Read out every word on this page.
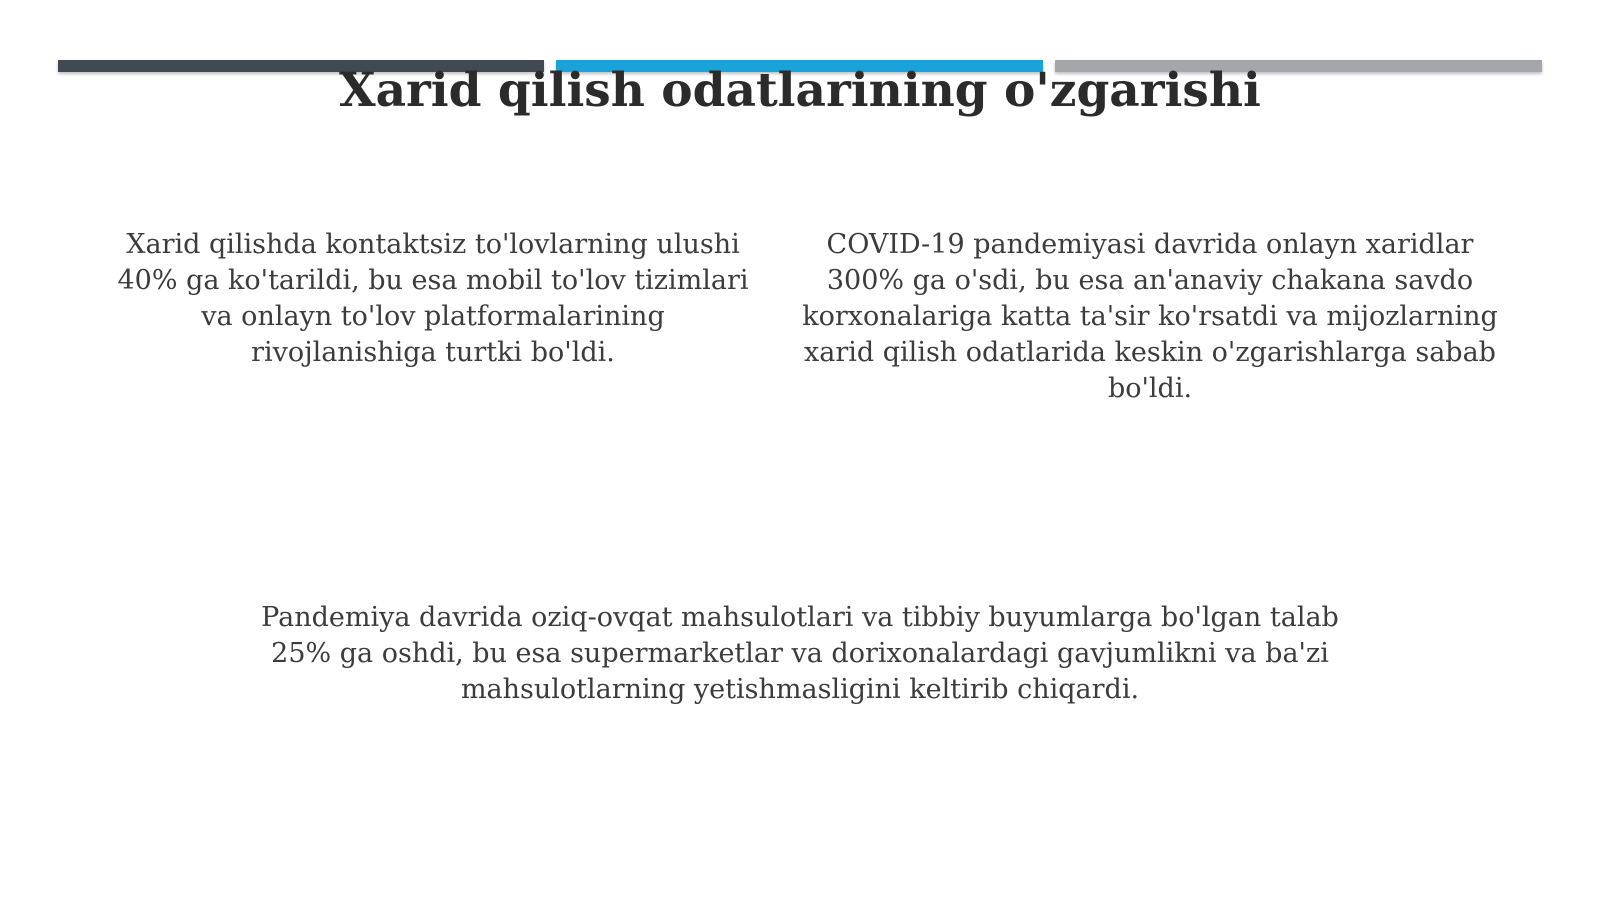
Xarid qilish odatlarining o'zgarishi

Xarid qilishda kontaktsiz to'lovlarning ulushi 40% ga ko'tarildi, bu esa mobil to'lov tizimlari va onlayn to'lov platformalarining rivojlanishiga turtki bo'ldi.

COVID-19 pandemiyasi davrida onlayn xaridlar 300% ga o'sdi, bu esa an'anaviy chakana savdo korxonalariga katta ta'sir ko'rsatdi va mijozlarning xarid qilish odatlarida keskin o'zgarishlarga sabab bo'ldi.

Pandemiya davrida oziq-ovqat mahsulotlari va tibbiy buyumlarga bo'lgan talab 25% ga oshdi, bu esa supermarketlar va dorixonalardagi gavjumlikni va ba'zi mahsulotlarning yetishmasligini keltirib chiqardi.
